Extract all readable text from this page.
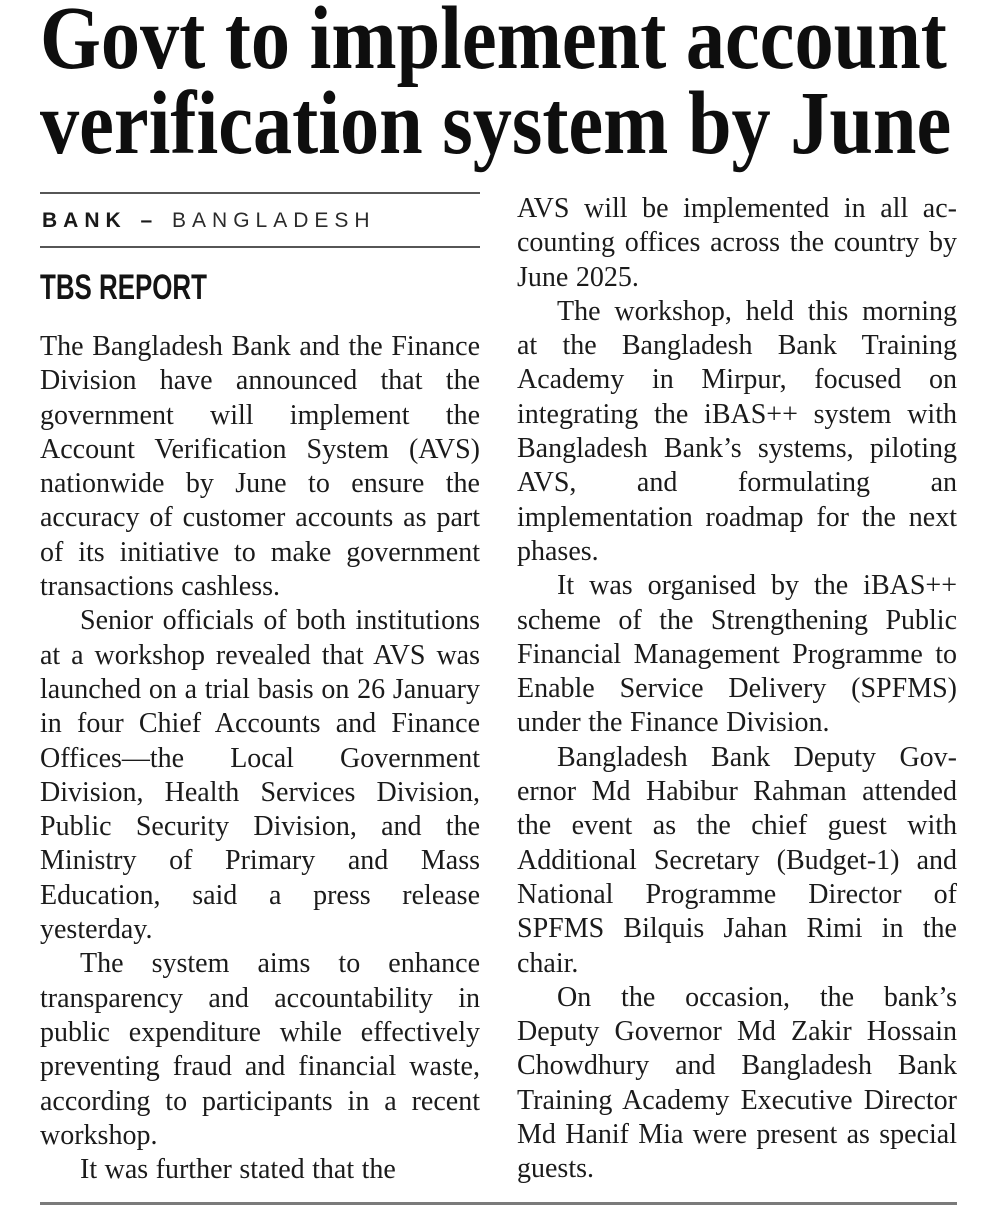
Govt to implement account
verification system by June
BANK – BANGLADESH
TBS REPORT

The Bangladesh Bank and the Finance Division have announced that the government will implement the Account Verification System (AVS) nationwide by June to ensure the accuracy of customer accounts as part of its initiative to make government transactions cashless.

Senior officials of both institutions at a workshop revealed that AVS was launched on a trial basis on 26 January in four Chief Accounts and Finance Offices—the Local Government Division, Health Services Division, Public Security Division, and the Ministry of Primary and Mass Education, said a press release yesterday.

The system aims to enhance transparency and accountability in public expenditure while effectively preventing fraud and financial waste, according to participants in a recent workshop.

It was further stated that the

AVS will be implemented in all accounting offices across the country by June 2025.

The workshop, held this morning at the Bangladesh Bank Training Academy in Mirpur, focused on integrating the iBAS++ system with Bangladesh Bank’s systems, piloting AVS, and formulating an implementation roadmap for the next phases.

It was organised by the iBAS++ scheme of the Strengthening Public Financial Management Programme to Enable Service Delivery (SPFMS) under the Finance Division.

Bangladesh Bank Deputy Governor Md Habibur Rahman attended the event as the chief guest with Additional Secretary (Budget-1) and National Programme Director of SPFMS Bilquis Jahan Rimi in the chair.

On the occasion, the bank’s Deputy Governor Md Zakir Hossain Chowdhury and Bangladesh Bank Training Academy Executive Director Md Hanif Mia were present as special guests.
